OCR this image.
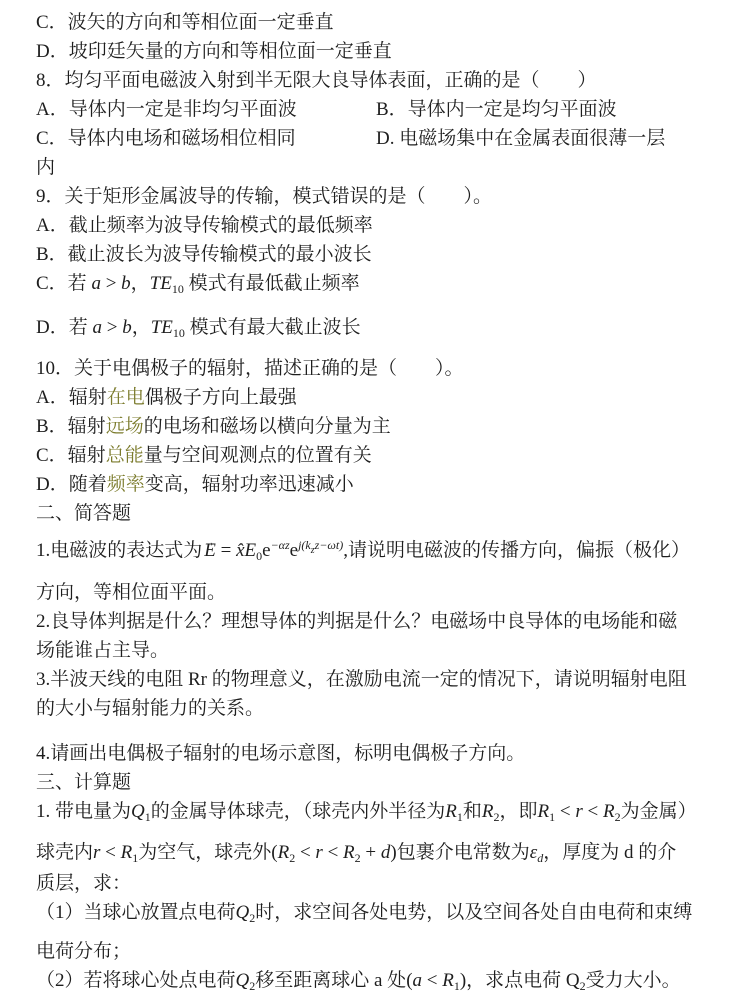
C．波矢的方向和等相位面一定垂直
D．坡印廷矢量的方向和等相位面一定垂直
8．均匀平面电磁波入射到半无限大良导体表面，正确的是（　　）
A．导体内一定是非均匀平面波	B．导体内一定是均匀平面波
C．导体内电场和磁场相位相同	D. 电磁场集中在金属表面很薄一层
内
9．关于矩形金属波导的传输，模式错误的是（　　）。
A．截止频率为波导传输模式的最低频率
B．截止波长为波导传输模式的最小波长
C．若 a > b，$TE_{10}$ 模式有最低截止频率
D．若 a > b，$TE_{10}$ 模式有最大截止波长
10．关于电偶极子的辐射，描述正确的是（　　）。
A．辐射在电偶极子方向上最强
B．辐射远场的电场和磁场以横向分量为主
C．辐射总能量与空间观测点的位置有关
D．随着频率变高，辐射功率迅速减小
二、简答题
1.电磁波的表达式为 → $E = x̂E_0e^{-\alpha z}e^{j(k}z^{z-\omega t)}$,请说明电磁波的传播方向，偏振（极化）
方向，等相位面平面。
2.良导体判据是什么？理想导体的判据是什么？电磁场中良导体的电场能和磁
场能谁占主导。
3.半波天线的电阻 Rr 的物理意义，在激励电流一定的情况下，请说明辐射电阻
的大小与辐射能力的关系。
4.请画出电偶极子辐射的电场示意图，标明电偶极子方向。
三、计算题
1. 带电量为$Q_1$的金属导体球壳，（球壳内外半径为$R_1$和$R_2$，即$R_1 < r < R_2$为金属）
球壳内$r < R_1$为空气，球壳外$(R_2 < r < R_2 + d)$包裹介电常数为$\varepsilon_d$，厚度为 d 的介
质层，求：
（1）当球心放置点电荷$Q_2$时，求空间各处电势，以及空间各处自由电荷和束缚
电荷分布；
（2）若将球心处点电荷$Q_2$移至距离球心 a 处$(a < R_1)$，求点电荷 $Q_2$受力大小。
